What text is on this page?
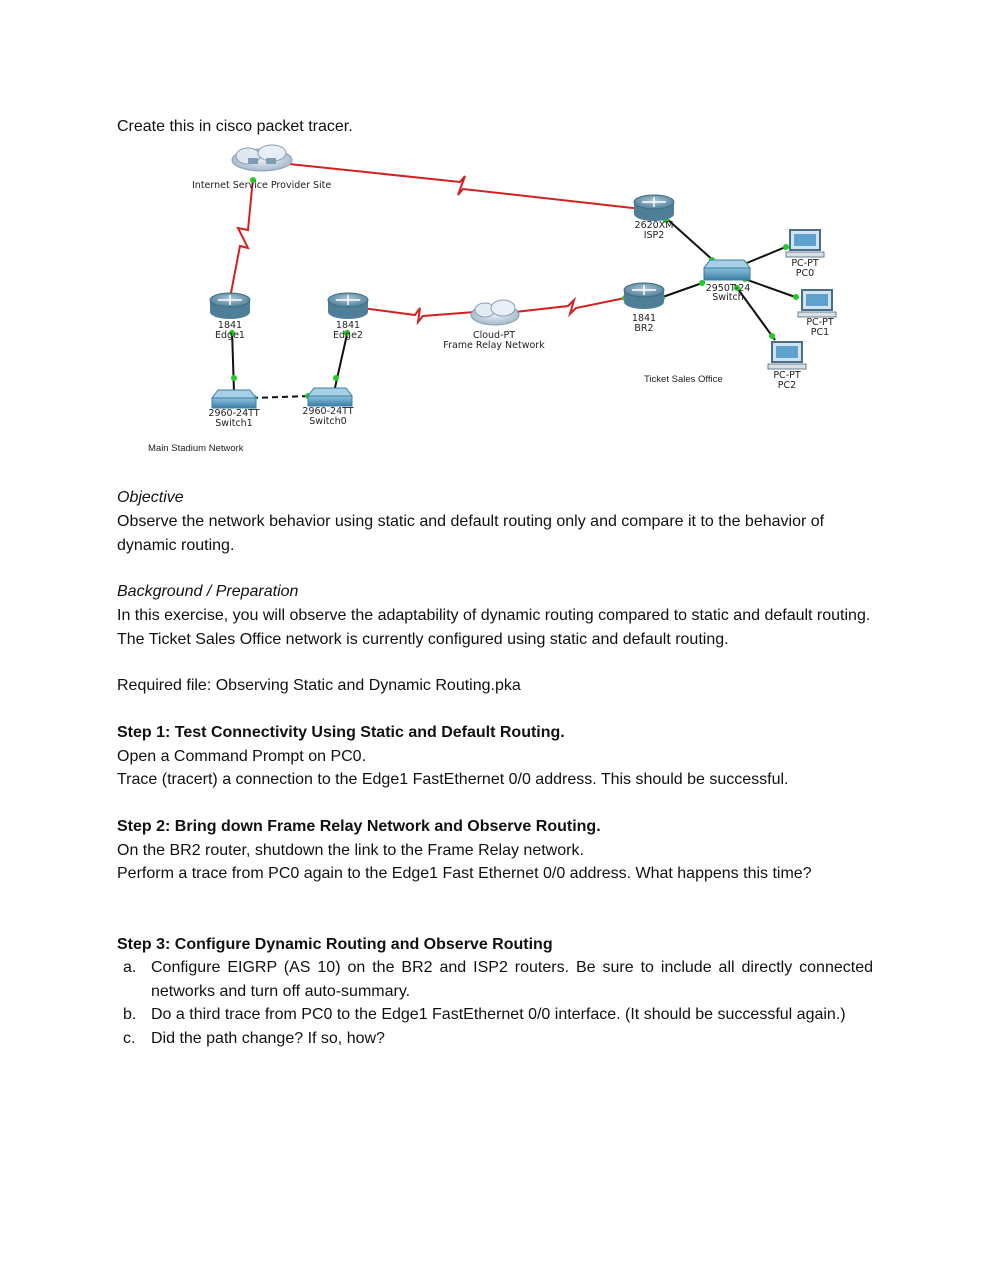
Create this in cisco packet tracer.
Internet Service Provider Site
2620XM
ISP2
2950T-24
Switch
PC-PT
PC0
PC-PT
PC1
PC-PT
PC2
1841
BR2
Ticket Sales Office
Cloud-PT
Frame Relay Network
1841
Edge1
1841
Edge2
2960-24TT
Switch1
2960-24TT
Switch0
Main Stadium Network
Objective
Observe the network behavior using static and default routing only and compare it to the behavior of dynamic routing.
Background / Preparation
In this exercise, you will observe the adaptability of dynamic routing compared to static and default routing. The Ticket Sales Office network is currently configured using static and default routing.
Required file: Observing Static and Dynamic Routing.pka
Step 1: Test Connectivity Using Static and Default Routing.
Open a Command Prompt on PC0.
Trace (tracert) a connection to the Edge1 FastEthernet 0/0 address. This should be successful.
Step 2: Bring down Frame Relay Network and Observe Routing.
On the BR2 router, shutdown the link to the Frame Relay network.
Perform a trace from PC0 again to the Edge1 Fast Ethernet 0/0 address. What happens this time?
Step 3: Configure Dynamic Routing and Observe Routing
a. Configure EIGRP (AS 10) on the BR2 and ISP2 routers. Be sure to include all directly connected networks and turn off auto-summary.
b. Do a third trace from PC0 to the Edge1 FastEthernet 0/0 interface. (It should be successful again.)
c. Did the path change? If so, how?
